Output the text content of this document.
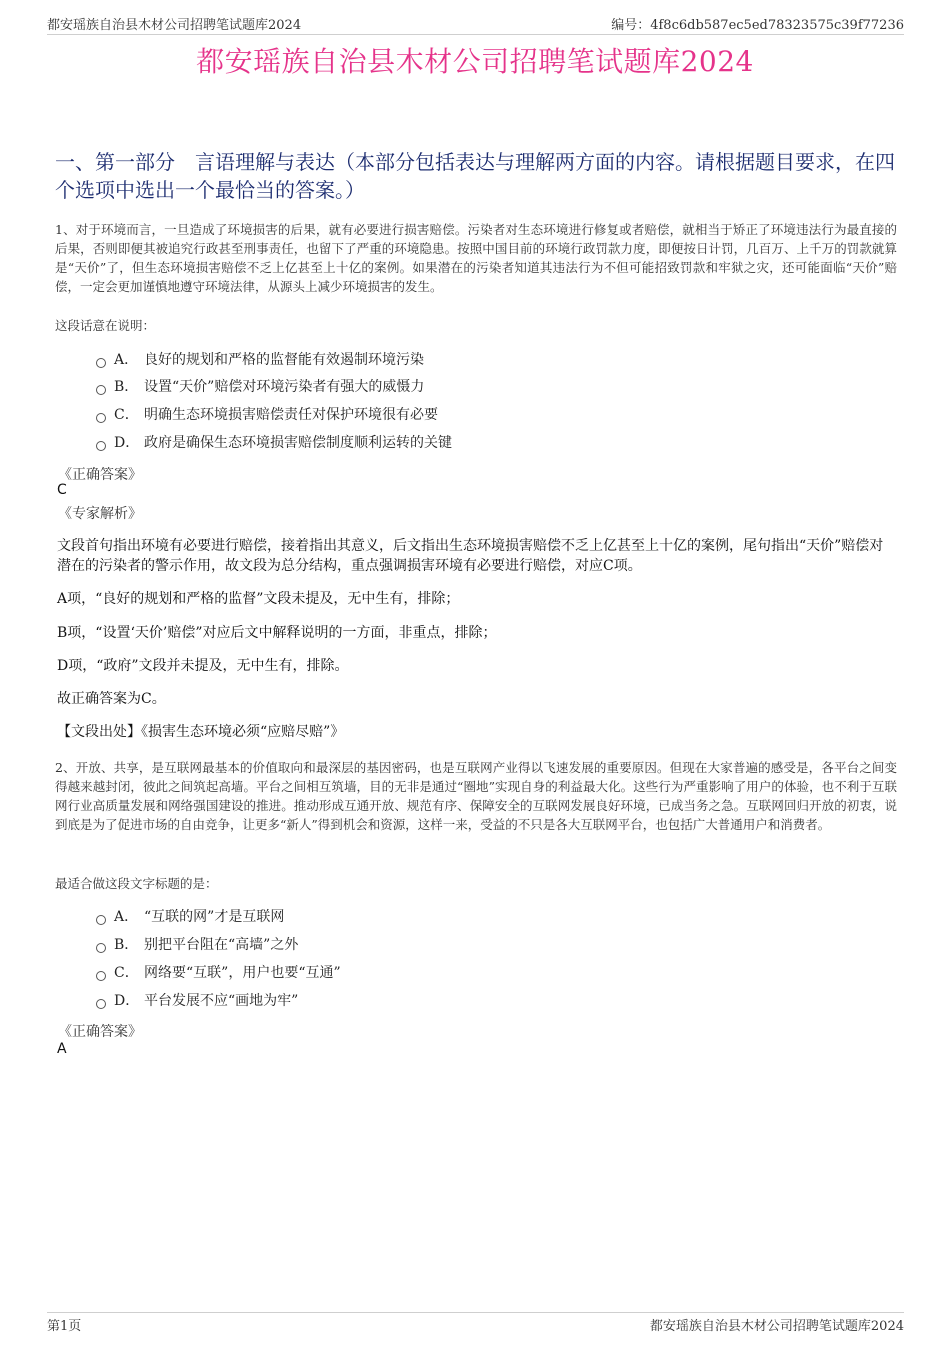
都安瑶族自治县木材公司招聘笔试题库2024	编号：4f8c6db587ec5ed78323575c39f77236
都安瑶族自治县木材公司招聘笔试题库2024
一、第一部分　言语理解与表达（本部分包括表达与理解两方面的内容。请根据题目要求，在四个选项中选出一个最恰当的答案。）
1、对于环境而言，一旦造成了环境损害的后果，就有必要进行损害赔偿。污染者对生态环境进行修复或者赔偿，就相当于矫正了环境违法行为最直接的后果，否则即便其被追究行政甚至刑事责任，也留下了严重的环境隐患。按照中国目前的环境行政罚款力度，即便按日计罚，几百万、上千万的罚款就算是“天价”了，但生态环境损害赔偿不乏上亿甚至上十亿的案例。如果潜在的污染者知道其违法行为不但可能招致罚款和牢狱之灾，还可能面临“天价”赔偿，一定会更加谨慎地遵守环境法律，从源头上减少环境损害的发生。
这段话意在说明：
A． 良好的规划和严格的监督能有效遏制环境污染
B． 设置“天价”赔偿对环境污染者有强大的威慑力
C． 明确生态环境损害赔偿责任对保护环境很有必要
D． 政府是确保生态环境损害赔偿制度顺利运转的关键
《正确答案》
C
《专家解析》
文段首句指出环境有必要进行赔偿，接着指出其意义，后文指出生态环境损害赔偿不乏上亿甚至上十亿的案例，尾句指出“天价”赔偿对潜在的污染者的警示作用，故文段为总分结构，重点强调损害环境有必要进行赔偿，对应C项。
A项，“良好的规划和严格的监督”文段未提及，无中生有，排除；
B项，“设置‘天价’赔偿”对应后文中解释说明的一方面，非重点，排除；
D项，“政府”文段并未提及，无中生有，排除。
故正确答案为C。
【文段出处】《损害生态环境必须“应赔尽赔”》
2、开放、共享，是互联网最基本的价值取向和最深层的基因密码，也是互联网产业得以飞速发展的重要原因。但现在大家普遍的感受是，各平台之间变得越来越封闭，彼此之间筑起高墙。平台之间相互筑墙，目的无非是通过“圈地”实现自身的利益最大化。这些行为严重影响了用户的体验，也不利于互联网行业高质量发展和网络强国建设的推进。推动形成互通开放、规范有序、保障安全的互联网发展良好环境，已成当务之急。互联网回归开放的初衷，说到底是为了促进市场的自由竞争，让更多“新人”得到机会和资源，这样一来，受益的不只是各大互联网平台，也包括广大普通用户和消费者。
最适合做这段文字标题的是：
A． “互联的网”才是互联网
B． 别把平台阻在“高墙”之外
C． 网络要“互联”，用户也要“互通”
D． 平台发展不应“画地为牢”
《正确答案》
A
第1页	都安瑶族自治县木材公司招聘笔试题库2024
